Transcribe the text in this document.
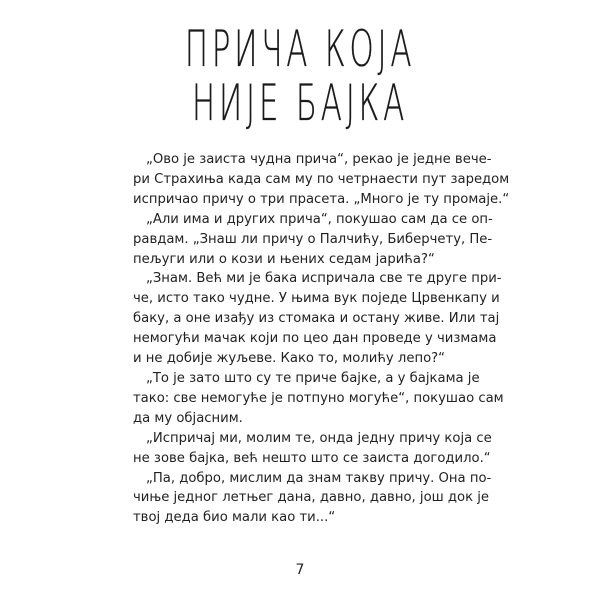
ПРИЧА КОЈА
НИЈЕ БАЈКА
„Ово је заиста чудна прича“, рекао је једне вече-
ри Страхиња када сам му по четрнаести пут заредом
испричао причу о три прасета. „Много је ту промаје.“
„Али има и других прича“, покушао сам да се оп-
равдам. „Знаш ли причу о Палчићу, Биберчету, Пе-
пељуги или о кози и њених седам јарића?“
„Знам. Већ ми је бака испричала све те друге при-
че, исто тако чудне. У њима вук поједе Црвенкапу и
баку, а оне изађу из стомака и остану живе. Или тај
немогући мачак који по цео дан проведе у чизмама
и не добије жуљеве. Како то, молићу лепо?“
„То је зато што су те приче бајке, а у бајкама је
тако: све немогуће је потпуно могуће“, покушао сам
да му објасним.
„Испричај ми, молим те, онда једну причу која се
не зове бајка, већ нешто што се заиста догодило.“
„Па, добро, мислим да знам такву причу. Она по-
чиње једног летњег дана, давно, давно, још док је
твој деда био мали као ти...“
7
